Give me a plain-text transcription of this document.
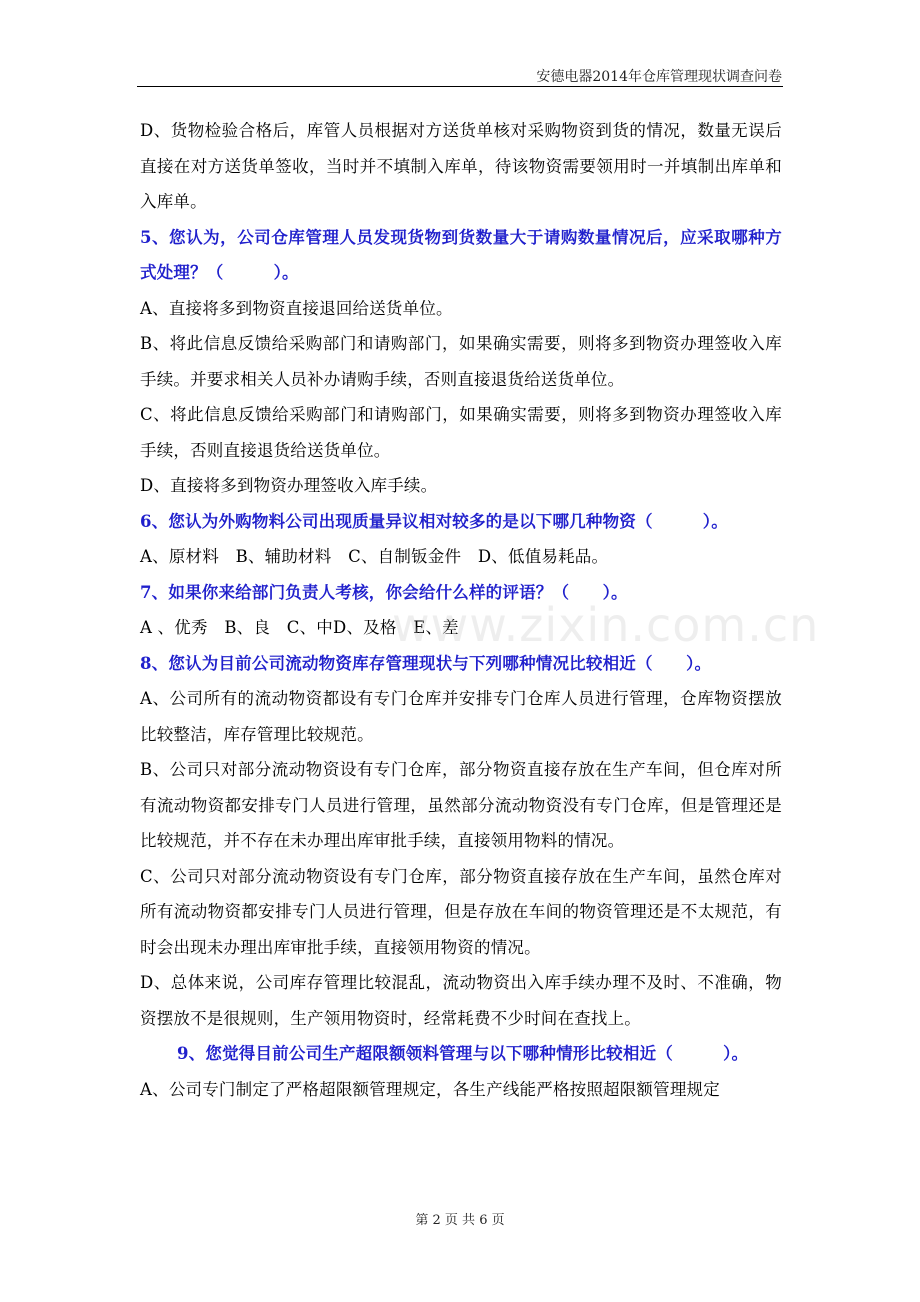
安德电器2014年仓库管理现状调查问卷

D、货物检验合格后，库管人员根据对方送货单核对采购物资到货的情况，数量无误后直接在对方送货单签收，当时并不填制入库单，待该物资需要领用时一并填制出库单和入库单。

5、您认为，公司仓库管理人员发现货物到货数量大于请购数量情况后，应采取哪种方式处理？（　　　）。

A、直接将多到物资直接退回给送货单位。

B、将此信息反馈给采购部门和请购部门，如果确实需要，则将多到物资办理签收入库手续。并要求相关人员补办请购手续，否则直接退货给送货单位。

C、将此信息反馈给采购部门和请购部门，如果确实需要，则将多到物资办理签收入库手续，否则直接退货给送货单位。

D、直接将多到物资办理签收入库手续。

6、您认为外购物料公司出现质量异议相对较多的是以下哪几种物资（　　　）。

A、原材料　B、辅助材料　C、自制钣金件　D、低值易耗品。

7、如果你来给部门负责人考核，你会给什么样的评语？（　　）。

A 、优秀　B、良　C、中D、及格　E、差

8、您认为目前公司流动物资库存管理现状与下列哪种情况比较相近（　　）。

A、公司所有的流动物资都设有专门仓库并安排专门仓库人员进行管理，仓库物资摆放比较整洁，库存管理比较规范。

B、公司只对部分流动物资设有专门仓库，部分物资直接存放在生产车间，但仓库对所有流动物资都安排专门人员进行管理，虽然部分流动物资没有专门仓库，但是管理还是比较规范，并不存在未办理出库审批手续，直接领用物料的情况。

C、公司只对部分流动物资设有专门仓库，部分物资直接存放在生产车间，虽然仓库对所有流动物资都安排专门人员进行管理，但是存放在车间的物资管理还是不太规范，有时会出现未办理出库审批手续，直接领用物资的情况。

D、总体来说，公司库存管理比较混乱，流动物资出入库手续办理不及时、不准确，物资摆放不是很规则，生产领用物资时，经常耗费不少时间在查找上。

9、您觉得目前公司生产超限额领料管理与以下哪种情形比较相近（　　　）。

A、公司专门制定了严格超限额管理规定，各生产线能严格按照超限额管理规定

www.zixin.com.cn
第 2 页 共 6 页
